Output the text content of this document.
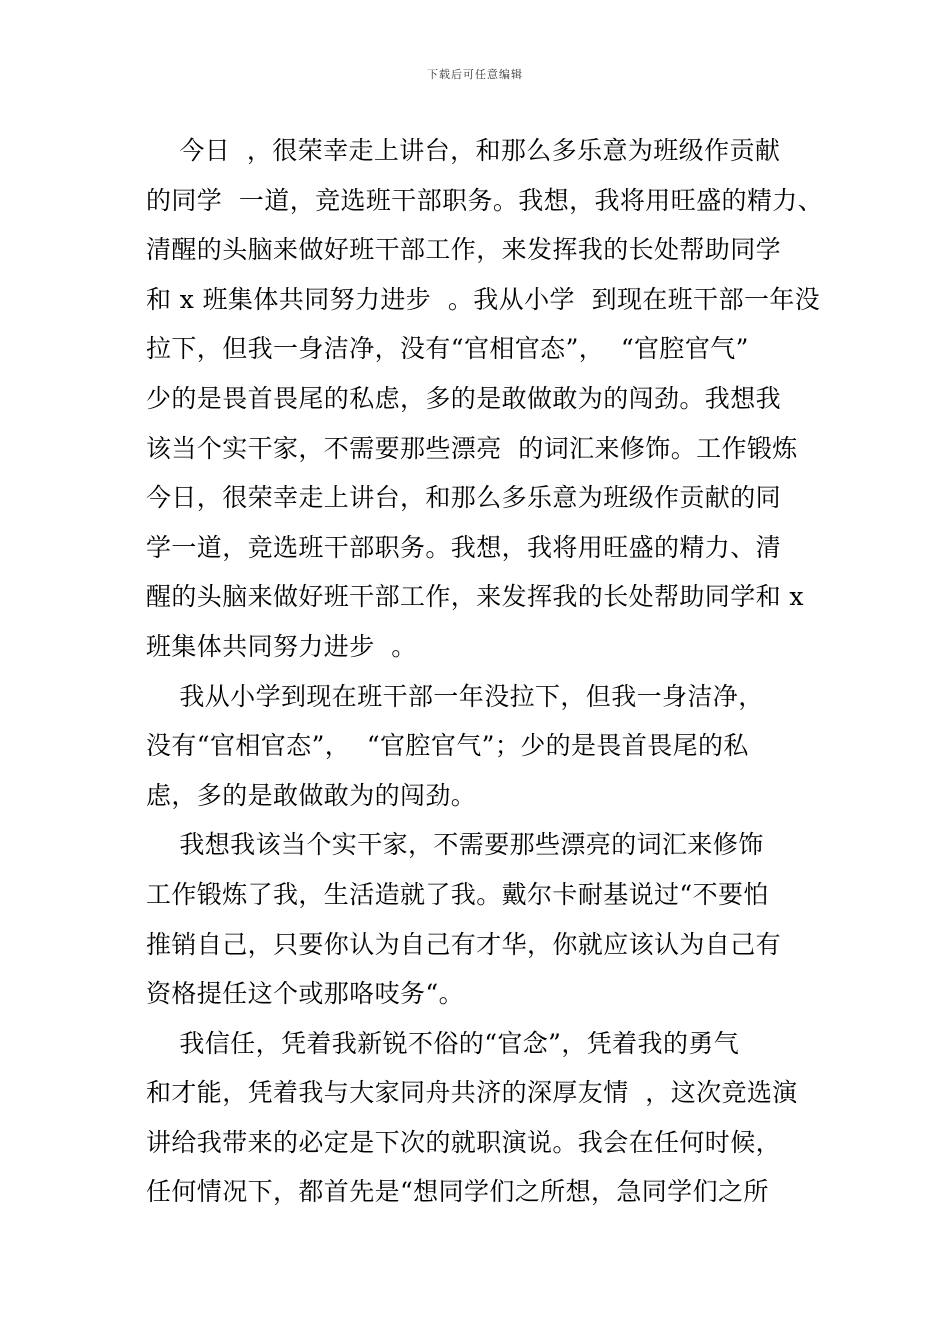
下载后可任意编辑
今日  ，很荣幸走上讲台，和那么多乐意为班级作贡献
的同学  一道，竞选班干部职务。我想，我将用旺盛的精力、
清醒的头脑来做好班干部工作，来发挥我的长处帮助同学
和 x 班集体共同努力进步  。我从小学  到现在班干部一年没
拉下，但我一身洁净，没有“官相官态”，  “官腔官气”
少的是畏首畏尾的私虑，多的是敢做敢为的闯劲。我想我
该当个实干家，不需要那些漂亮  的词汇来修饰。工作锻炼
今日，很荣幸走上讲台，和那么多乐意为班级作贡献的同
学一道，竞选班干部职务。我想，我将用旺盛的精力、清
醒的头脑来做好班干部工作，来发挥我的长处帮助同学和 x
班集体共同努力进步  。
我从小学到现在班干部一年没拉下，但我一身洁净，
没有“官相官态”，  “官腔官气”；少的是畏首畏尾的私
虑，多的是敢做敢为的闯劲。
我想我该当个实干家，不需要那些漂亮的词汇来修饰
工作锻炼了我，生活造就了我。戴尔卡耐基说过“不要怕
推销自己，只要你认为自己有才华，你就应该认为自己有
资格提任这个或那咯吱务“。
我信任，凭着我新锐不俗的“官念”，凭着我的勇气
和才能，凭着我与大家同舟共济的深厚友情  ，这次竞选演
讲给我带来的必定是下次的就职演说。我会在任何时候，
任何情况下，都首先是“想同学们之所想，急同学们之所
